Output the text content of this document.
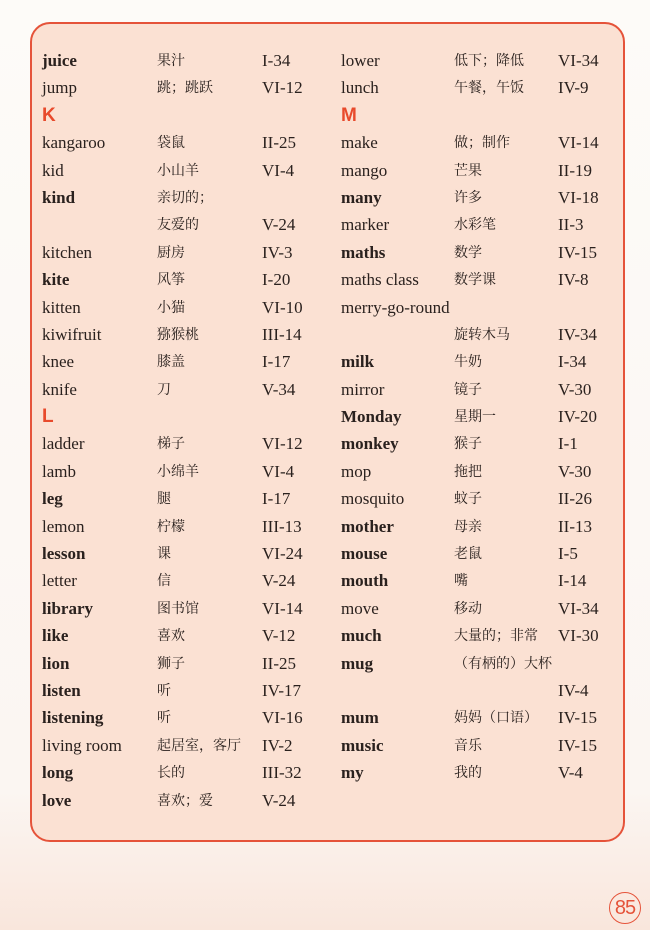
juice	果汁	I-34
jump	跳；跳跃	VI-12
K
kangaroo	袋鼠	II-25
kid	小山羊	VI-4
kind	亲切的；
友爱的	V-24
kitchen	厨房	IV-3
kite	风筝	I-20
kitten	小猫	VI-10
kiwifruit	猕猴桃	III-14
knee	膝盖	I-17
knife	刀	V-34
L
ladder	梯子	VI-12
lamb	小绵羊	VI-4
leg	腿	I-17
lemon	柠檬	III-13
lesson	课	VI-24
letter	信	V-24
library	图书馆	VI-14
like	喜欢	V-12
lion	狮子	II-25
listen	听	IV-17
listening	听	VI-16
living room	起居室，客厅 IV-2
long	长的	III-32
love	喜欢；爱	V-24
lower	低下；降低 VI-34
lunch	午餐，午饭 IV-9
M
make	做；制作	VI-14
mango	芒果	II-19
many	许多	VI-18
marker	水彩笔	II-3
maths	数学	IV-15
maths class	数学课	IV-8
merry-go-round
旋转木马	IV-34
milk	牛奶	I-34
mirror	镜子	V-30
Monday	星期一	IV-20
monkey	猴子	I-1
mop	拖把	V-30
mosquito	蚊子	II-26
mother	母亲	II-13
mouse	老鼠	I-5
mouth	嘴	I-14
move	移动	VI-34
much	大量的；非常 VI-30
mug	（有柄的）大杯
IV-4
mum	妈妈（口语） IV-15
music	音乐	IV-15
my	我的	V-4
85
